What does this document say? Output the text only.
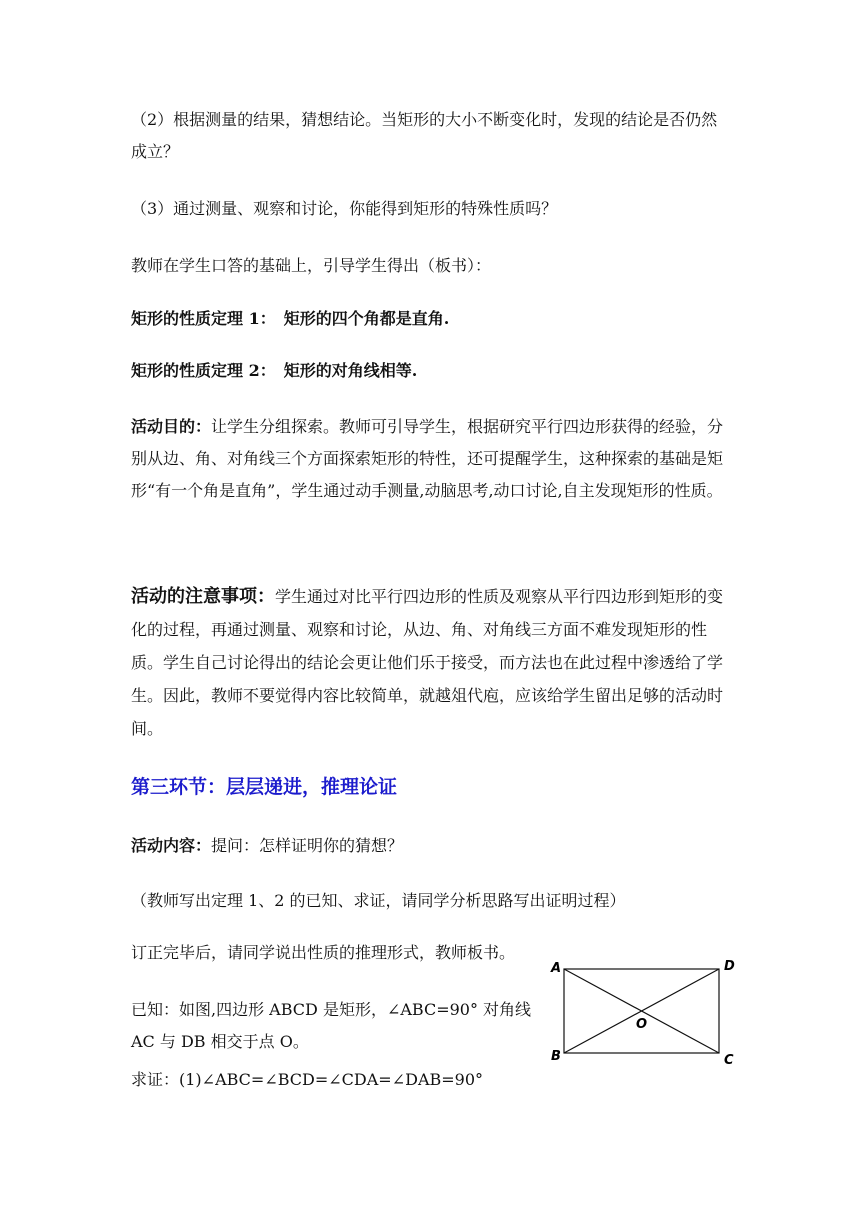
（2）根据测量的结果，猜想结论。当矩形的大小不断变化时，发现的结论是否仍然成立？

（3）通过测量、观察和讨论，你能得到矩形的特殊性质吗？

教师在学生口答的基础上，引导学生得出（板书）：

矩形的性质定理 1：　矩形的四个角都是直角.

矩形的性质定理 2：　矩形的对角线相等.

活动目的：让学生分组探索。教师可引导学生，根据研究平行四边形获得的经验，分别从边、角、对角线三个方面探索矩形的特性，还可提醒学生，这种探索的基础是矩形“有一个角是直角”，学生通过动手测量,动脑思考,动口讨论,自主发现矩形的性质。

活动的注意事项：学生通过对比平行四边形的性质及观察从平行四边形到矩形的变化的过程，再通过测量、观察和讨论，从边、角、对角线三方面不难发现矩形的性质。学生自己讨论得出的结论会更让他们乐于接受，而方法也在此过程中渗透给了学生。因此，教师不要觉得内容比较简单，就越俎代庖，应该给学生留出足够的活动时间。

第三环节：层层递进，推理论证

活动内容：提问：怎样证明你的猜想？

（教师写出定理 1、2 的已知、求证，请同学分析思路写出证明过程）

订正完毕后，请同学说出性质的推理形式，教师板书。

已知：如图,四边形 ABCD 是矩形，∠ABC=90° 对角线 AC 与 DB 相交于点 O。

求证：(1)∠ABC=∠BCD=∠CDA=∠DAB=90°

A	D
B	C
O
